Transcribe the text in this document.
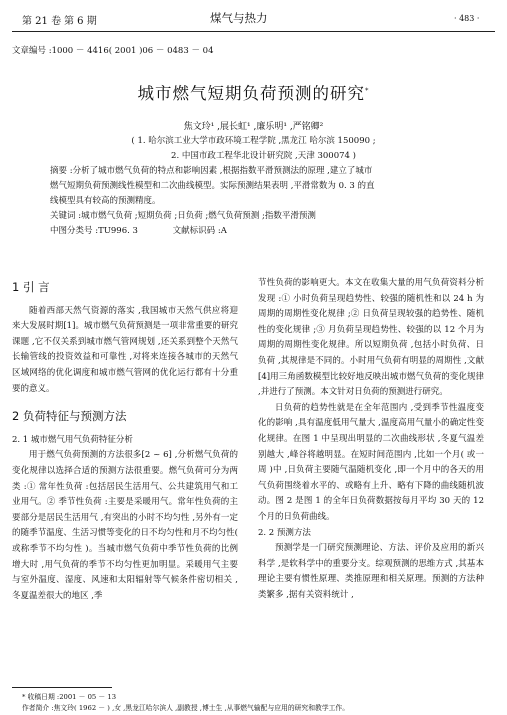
第 21 卷 第 6 期	煤气与热力	· 483 ·
文章编号 :1000 － 4416( 2001 )06 － 0483 － 04
城市燃气短期负荷预测的研究*
焦文玲¹ ,展长虹¹ ,廉乐明¹ ,严铭卿²
( 1. 哈尔滨工业大学市政环境工程学院 ,黑龙江 哈尔滨 150090 ;
2. 中国市政工程华北设计研究院 ,天津 300074 )

摘要 :分析了城市燃气负荷的特点和影响因素 ,根据指数平滑预测法的原理 ,建立了城市

燃气短期负荷预测线性模型和二次曲线模型。实际预测结果表明 ,平滑常数为 0. 3 的直

线模型具有较高的预测精度。

关键词 :城市燃气负荷 ;短期负荷 ;日负荷 ;燃气负荷预测 ;指数平滑预测

中图分类号 :TU996. 3	文献标识码 :A

1 引 言

随着西部天然气资源的落实 ,我国城市天然气供应将迎来大发展时期[1]。城市燃气负荷预测是一项非常重要的研究课题 ,它不仅关系到城市燃气管网规划 ,还关系到整个天然气长输管线的投资效益和可靠性 ,对将来连接各城市的天然气区域网络的优化调度和城市燃气管网的优化运行都有十分重要的意义。

2 负荷特征与预测方法

2. 1 城市燃气用气负荷特征分析

用于燃气负荷预测的方法很多[2 ~ 6] ,分析燃气负荷的变化规律以选择合适的预测方法很重要。燃气负荷可分为两类 :① 常年性负荷 :包括居民生活用气、公共建筑用气和工业用气。② 季节性负荷 :主要是采暖用气。常年性负荷的主要部分是居民生活用气 ,有突出的小时不均匀性 ,另外有一定的随季节温度、生活习惯等变化的日不均匀性和月不均匀性( 或称季节不均匀性 )。当城市燃气负荷中季节性负荷的比例增大时 ,用气负荷的季节不均匀性更加明显。采暖用气主要与室外温度、湿度、风速和太阳辐射等气候条件密切相关 ,冬夏温差很大的地区 ,季

节性负荷的影响更大。本文在收集大量的用气负荷资料分析发现 :① 小时负荷呈现趋势性、较强的随机性和以 24 h 为周期的周期性变化规律 ;② 日负荷呈现较强的趋势性、随机性的变化规律 ;③ 月负荷呈现趋势性、较强的以 12 个月为周期的周期性变化规律。所以短期负荷 ,包括小时负荷、日负荷 ,其规律是不同的。小时用气负荷有明显的周期性 ,文献[4]用三角函数模型比较好地反映出城市燃气负荷的变化规律 ,并进行了预测。本文针对日负荷的预测进行研究。

日负荷的趋势性就是在全年范围内 ,受到季节性温度变化的影响 ,具有温度低用气量大 ,温度高用气量小的确定性变化规律。在图 1 中呈现出明显的二次曲线形状 ,冬夏气温差别越大 ,峰谷将越明显。在短时间范围内 ,比如一个月( 或一周 )中 ,日负荷主要随气温随机变化 ,即一个月中的各天的用气负荷围绕着水平的、或略有上升、略有下降的曲线随机波动。图 2 是图 1 的全年日负荷数据按每月平均 30 天的 12 个月的日负荷曲线。

2. 2 预测方法

预测学是一门研究预测理论、方法、评价及应用的新兴科学 ,是软科学中的重要分支。综观预测的思维方式 ,其基本理论主要有惯性原理、类推原理和相关原理。预测的方法种类繁多 ,据有关资料统计 ,

* 收稿日期 :2001 － 05 － 13
作者简介 :焦文玲( 1962 － ) ,女 ,黑龙江哈尔滨人 ,副教授 ,博士生 ,从事燃气输配与应用的研究和教学工作。
